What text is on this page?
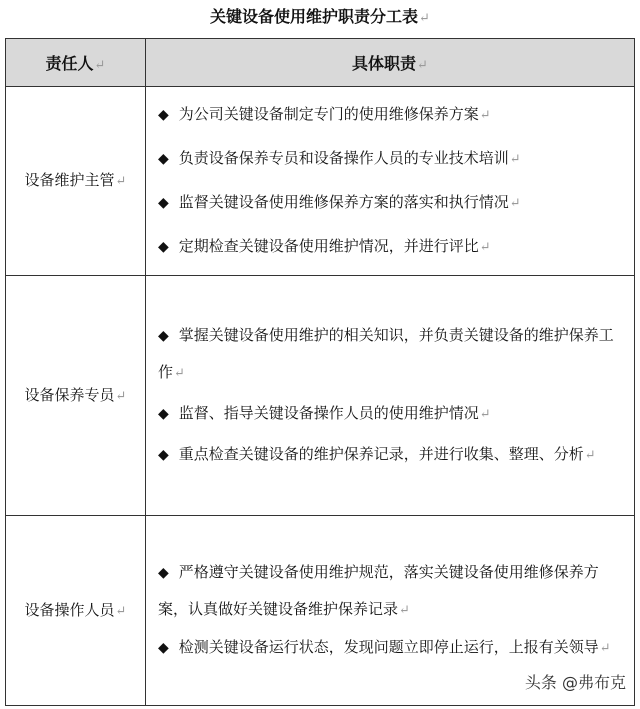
关键设备使用维护职责分工表↵
责任人↵	具体职责↵
设备维护主管↵	◆ 为公司关键设备制定专门的使用维修保养方案↵
◆ 负责设备保养专员和设备操作人员的专业技术培训↵
◆ 监督关键设备使用维修保养方案的落实和执行情况↵
◆ 定期检查关键设备使用维护情况，并进行评比↵

设备保养专员↵	◆ 掌握关键设备使用维护的相关知识，并负责关键设备的维护保养工作↵
◆ 监督、指导关键设备操作人员的使用维护情况↵
◆ 重点检查关键设备的维护保养记录，并进行收集、整理、分析↵

设备操作人员↵	◆ 严格遵守关键设备使用维护规范，落实关键设备使用维修保养方案，认真做好关键设备维护保养记录↵
◆ 检测关键设备运行状态，发现问题立即停止运行，上报有关领导↵
头条 @弗布克
